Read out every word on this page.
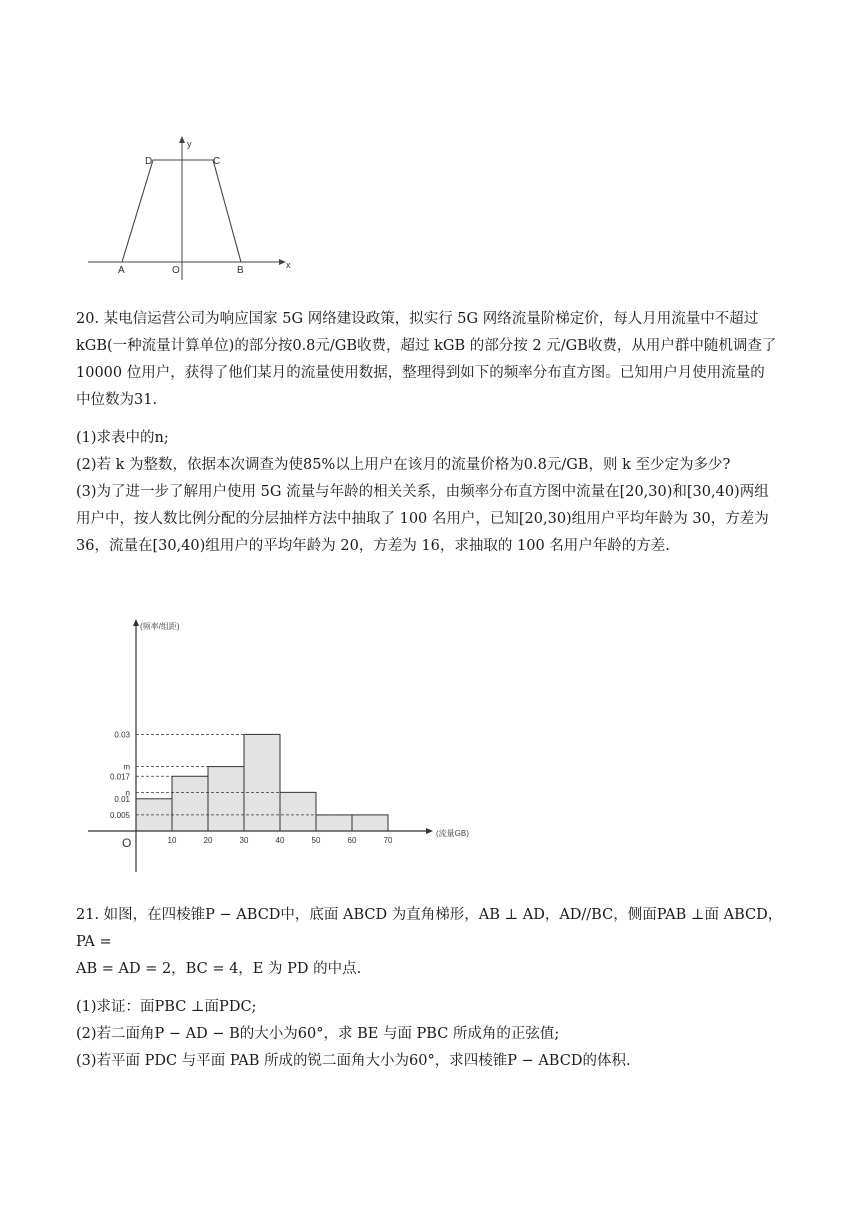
y
x
D	C
A	O	B

20. 某电信运营公司为响应国家 5G 网络建设政策，拟实行 5G 网络流量阶梯定价，每人月用流量中不超过

kGB(一种流量计算单位)的部分按0.8元/GB收费，超过 kGB 的部分按 2 元/GB收费，从用户群中随机调查了

10000 位用户，获得了他们某月的流量使用数据，整理得到如下的频率分布直方图。已知用户月使用流量的

中位数为31.

(1)求表中的n;

(2)若 k 为整数，依据本次调查为使85%以上用户在该月的流量价格为0.8元/GB，则 k 至少定为多少?

(3)为了进一步了解用户使用 5G 流量与年龄的相关关系，由频率分布直方图中流量在[20,30)和[30,40)两组

用户中，按人数比例分配的分层抽样方法中抽取了 100 名用户，已知[20,30)组用户平均年龄为 30，方差为

36，流量在[30,40)组用户的平均年龄为 20，方差为 16，求抽取的 100 名用户年龄的方差.

(频率/组距)
(流量GB)
O
0.03
m
0.017
n
0.01
0.005
10	20	30	40	50	60	70

21. 如图，在四棱锥P − ABCD中，底面 ABCD 为直角梯形，AB ⊥ AD，AD//BC，侧面PAB ⊥面 ABCD，PA =

AB = AD = 2，BC = 4，E 为 PD 的中点.

(1)求证：面PBC ⊥面PDC;

(2)若二面角P − AD − B的大小为60°，求 BE 与面 PBC 所成角的正弦值;

(3)若平面 PDC 与平面 PAB 所成的锐二面角大小为60°，求四棱锥P − ABCD的体积.
